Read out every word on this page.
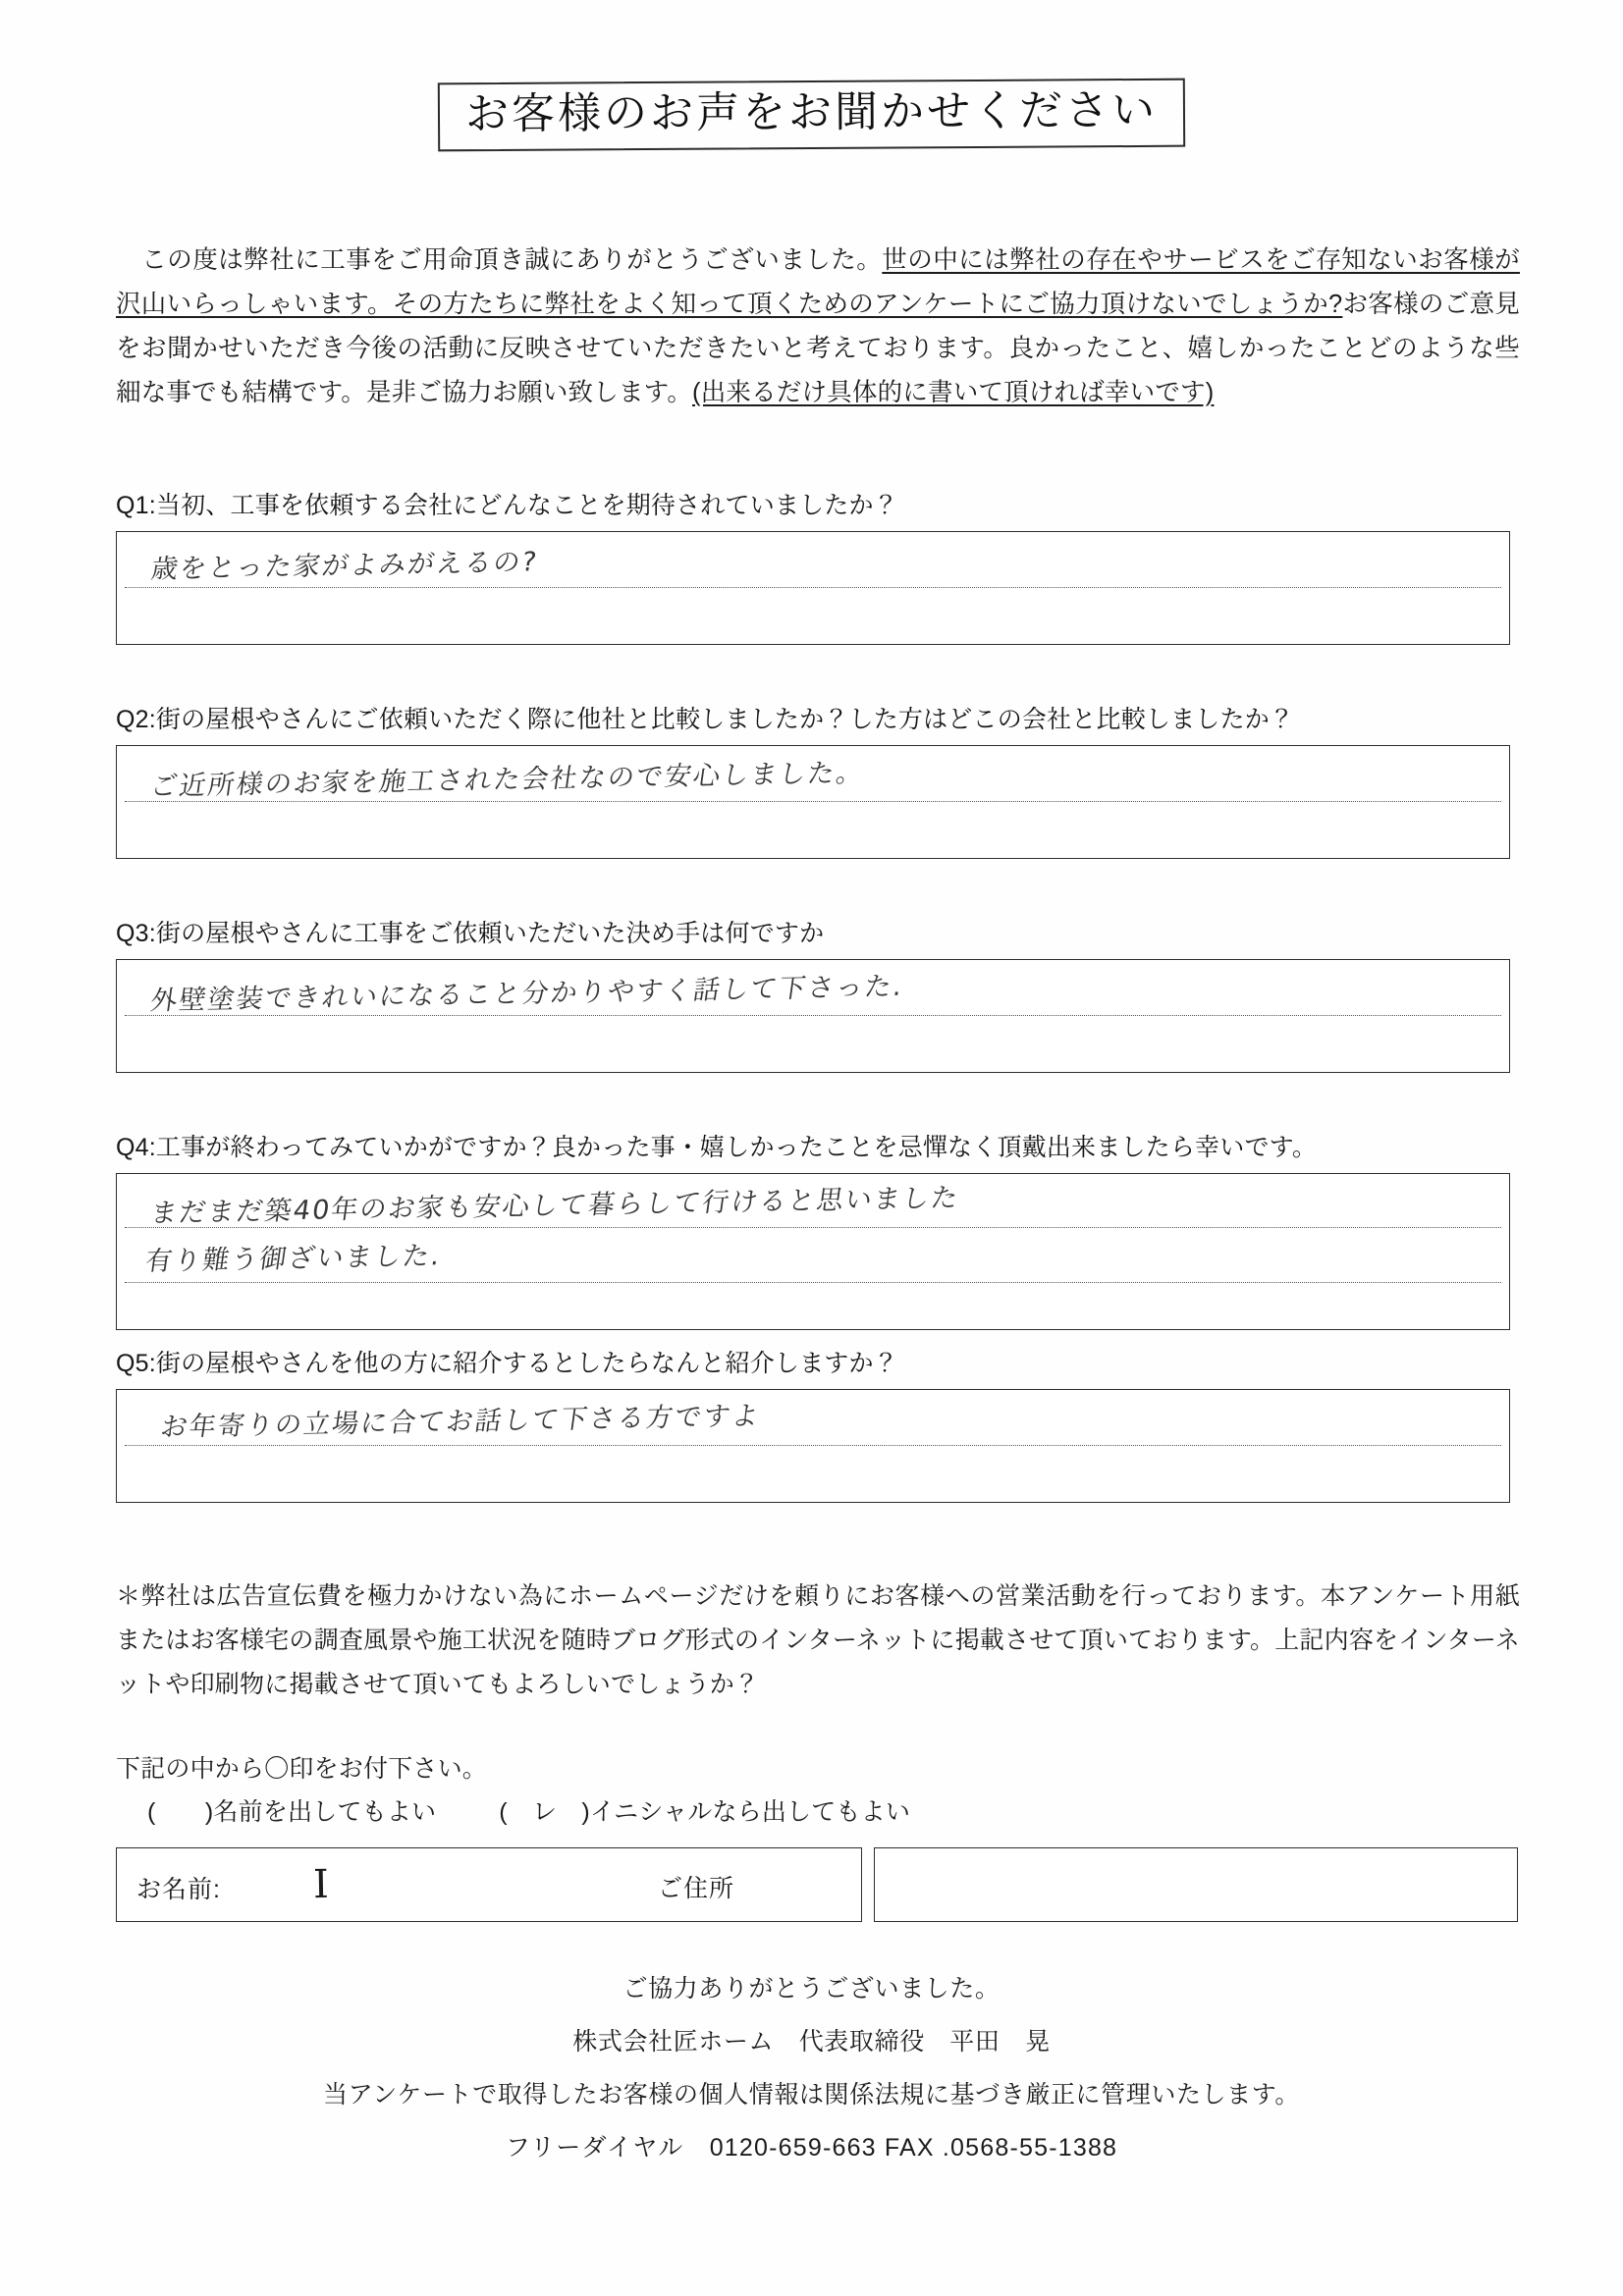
お客様のお声をお聞かせください
この度は弊社に工事をご用命頂き誠にありがとうございました。世の中には弊社の存在やサービスをご存知ないお客様が沢山いらっしゃいます。その方たちに弊社をよく知って頂くためのアンケートにご協力頂けないでしょうか?お客様のご意見をお聞かせいただき今後の活動に反映させていただきたいと考えております。良かったこと、嬉しかったことどのような些細な事でも結構です。是非ご協力お願い致します。(出来るだけ具体的に書いて頂ければ幸いです)
Q1:当初、工事を依頼する会社にどんなことを期待されていましたか？
歳をとった家がよみがえるの?
Q2:街の屋根やさんにご依頼いただく際に他社と比較しましたか？した方はどこの会社と比較しましたか？
ご近所様のお家を施工された会社なので安心しました。
Q3:街の屋根やさんに工事をご依頼いただいた決め手は何ですか
外壁塗装できれいになること分かりやすく話して下さった.
Q4:工事が終わってみていかがですか？良かった事・嬉しかったことを忌憚なく頂戴出来ましたら幸いです。
まだまだ築40年のお家も安心して暮らして行けると思いました
有り難う御ざいました.
Q5:街の屋根やさんを他の方に紹介するとしたらなんと紹介しますか？
お年寄りの立場に合てお話して下さる方ですよ
＊弊社は広告宣伝費を極力かけない為にホームページだけを頼りにお客様への営業活動を行っております。本アンケート用紙またはお客様宅の調査風景や施工状況を随時ブログ形式のインターネットに掲載させて頂いております。上記内容をインターネットや印刷物に掲載させて頂いてもよろしいでしょうか？
下記の中から〇印をお付下さい。
(　　)名前を出してもよい	(　レ　)イニシャルなら出してもよい
お名前: I	ご住所
ご協力ありがとうございました。
株式会社匠ホーム　代表取締役　平田　晃
当アンケートで取得したお客様の個人情報は関係法規に基づき厳正に管理いたします。
フリーダイヤル　0120-659-663 FAX .0568-55-1388
